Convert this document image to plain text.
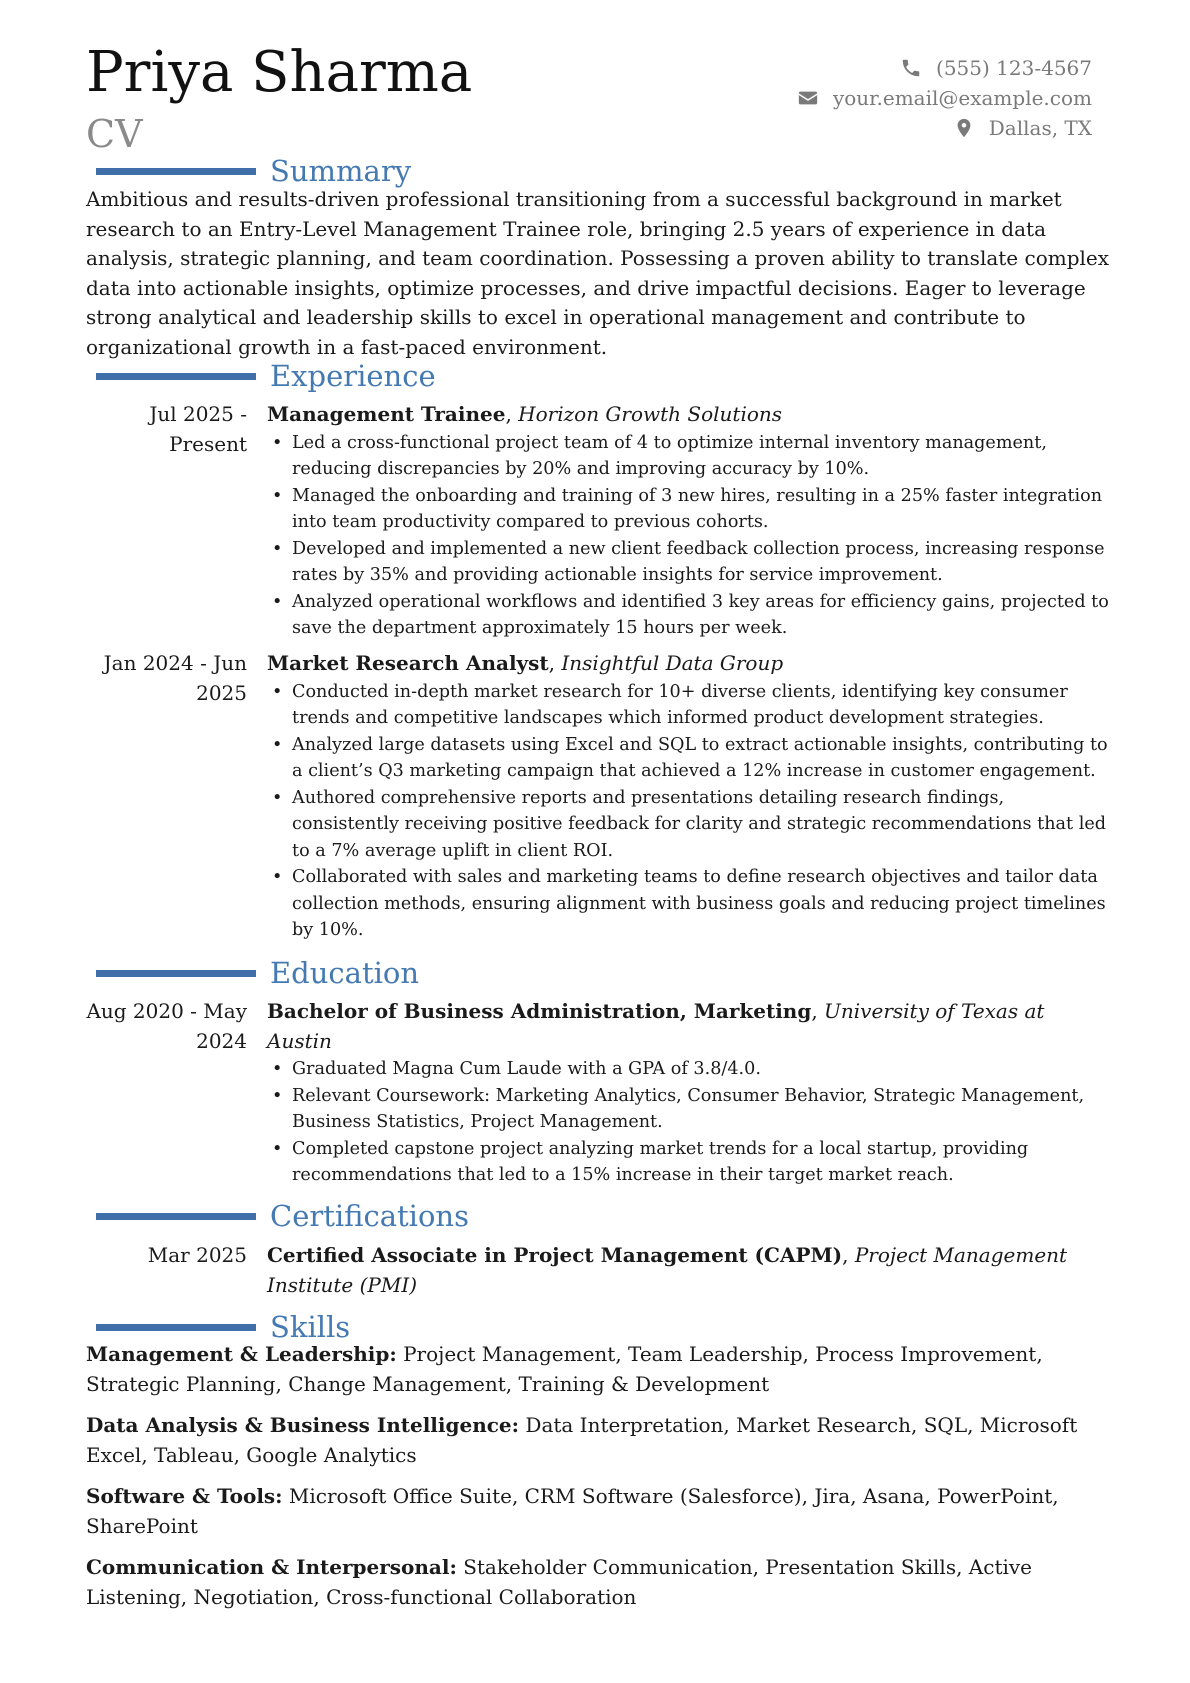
Priya Sharma
CV
(555) 123-4567
your.email@example.com
Dallas, TX
Summary

Ambitious and results-driven professional transitioning from a successful background in market research to an Entry-Level Management Trainee role, bringing 2.5 years of experience in data analysis, strategic planning, and team coordination. Possessing a proven ability to translate complex data into actionable insights, optimize processes, and drive impactful decisions. Eager to leverage strong analytical and leadership skills to excel in operational management and contribute to organizational growth in a fast-paced environment.

Experience
Jul 2025 - Present
Management Trainee, Horizon Growth Solutions
• Led a cross-functional project team of 4 to optimize internal inventory management, reducing discrepancies by 20% and improving accuracy by 10%.
• Managed the onboarding and training of 3 new hires, resulting in a 25% faster integration into team productivity compared to previous cohorts.
• Developed and implemented a new client feedback collection process, increasing response rates by 35% and providing actionable insights for service improvement.
• Analyzed operational workflows and identified 3 key areas for efficiency gains, projected to save the department approximately 15 hours per week.
Jan 2024 - Jun 2025
Market Research Analyst, Insightful Data Group
• Conducted in-depth market research for 10+ diverse clients, identifying key consumer trends and competitive landscapes which informed product development strategies.
• Analyzed large datasets using Excel and SQL to extract actionable insights, contributing to a client’s Q3 marketing campaign that achieved a 12% increase in customer engagement.
• Authored comprehensive reports and presentations detailing research findings, consistently receiving positive feedback for clarity and strategic recommendations that led to a 7% average uplift in client ROI.
• Collaborated with sales and marketing teams to define research objectives and tailor data collection methods, ensuring alignment with business goals and reducing project timelines by 10%.
Education
Aug 2020 - May 2024
Bachelor of Business Administration, Marketing, University of Texas at Austin
• Graduated Magna Cum Laude with a GPA of 3.8/4.0.
• Relevant Coursework: Marketing Analytics, Consumer Behavior, Strategic Management, Business Statistics, Project Management.
• Completed capstone project analyzing market trends for a local startup, providing recommendations that led to a 15% increase in their target market reach.
Certifications
Mar 2025 Certified Associate in Project Management (CAPM), Project Management Institute (PMI)
Skills
Management & Leadership: Project Management, Team Leadership, Process Improvement, Strategic Planning, Change Management, Training & Development
Data Analysis & Business Intelligence: Data Interpretation, Market Research, SQL, Microsoft Excel, Tableau, Google Analytics
Software & Tools: Microsoft Office Suite, CRM Software (Salesforce), Jira, Asana, PowerPoint, SharePoint
Communication & Interpersonal: Stakeholder Communication, Presentation Skills, Active Listening, Negotiation, Cross-functional Collaboration
